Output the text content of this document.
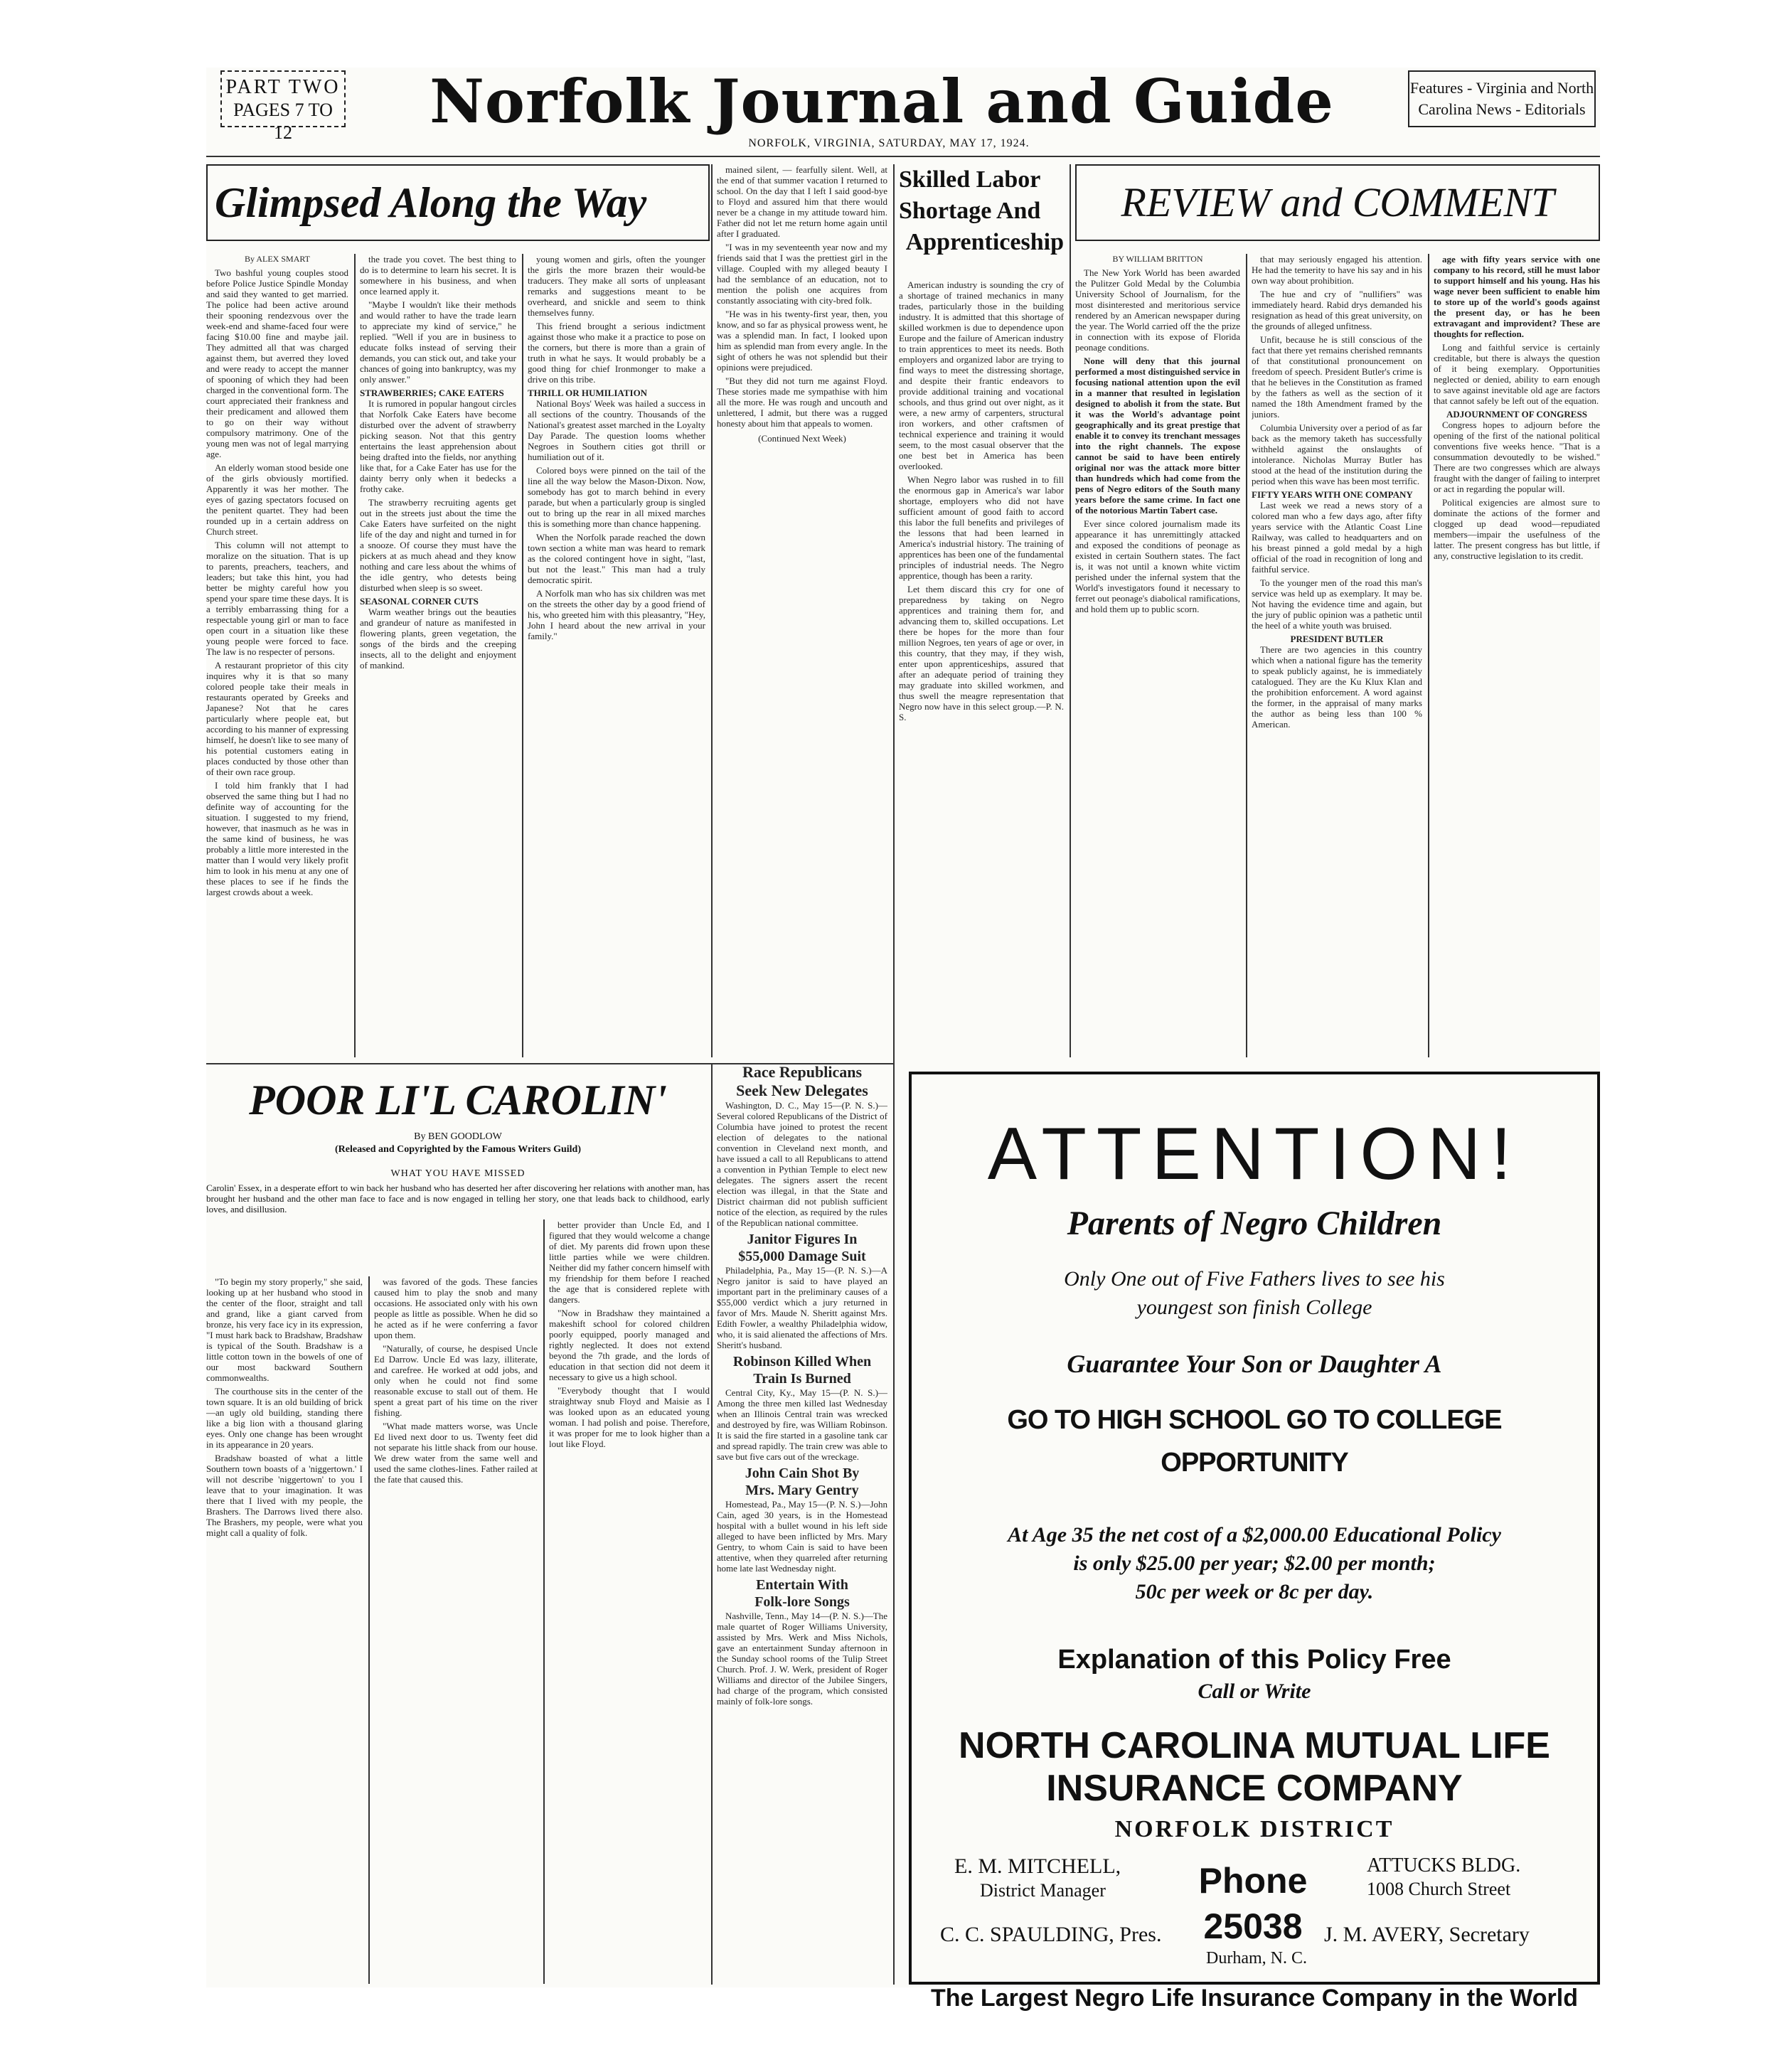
PART TWO
PAGES 7 TO 12	Norfolk Journal and Guide
NORFOLK, VIRGINIA, SATURDAY, MAY 17, 1924.
Features - Virginia and North
Carolina News - Editorials
Glimpsed Along the Way
By ALEX SMART

Two bashful young couples stood before Police Justice Spindle Monday and said they wanted to get married. The police had been active around their spooning rendezvous over the week-end and shame-faced four were facing $10.00 fine and maybe jail. They admitted all that was charged against them, but averred they loved and were ready to accept the manner of spooning of which they had been charged in the conventional form. The court appreciated their frankness and their predicament and allowed them to go on their way without compulsory matrimony. One of the young men was not of legal marrying age.

An elderly woman stood beside one of the girls obviously mortified. Apparently it was her mother. The eyes of gazing spectators focused on the penitent quartet. They had been rounded up in a certain address on Church street.

This column will not attempt to moralize on the situation. That is up to parents, preachers, teachers, and leaders; but take this hint, you had better be mighty careful how you spend your spare time these days. It is a terribly embarrassing thing for a respectable young girl or man to face open court in a situation like these young people were forced to face. The law is no respecter of persons.

A restaurant proprietor of this city inquires why it is that so many colored people take their meals in restaurants operated by Greeks and Japanese? Not that he cares particularly where people eat, but according to his manner of expressing himself, he doesn't like to see many of his potential customers eating in places conducted by those other than of their own race group.

I told him frankly that I had observed the same thing but I had no definite way of accounting for the situation. I suggested to my friend, however, that inasmuch as he was in the same kind of business, he was probably a little more interested in the matter than I would very likely profit him to look in his menu at any one of these places to see if he finds the largest crowds about a week.

the trade you covet. The best thing to do is to determine to learn his secret. It is somewhere in his business, and when once learned apply it.

"Maybe I wouldn't like their methods and would rather to have the trade learn to appreciate my kind of service," he replied. "Well if you are in business to educate folks instead of serving their demands, you can stick out, and take your chances of going into bankruptcy, was my only answer."

STRAWBERRIES; CAKE EATERS

It is rumored in popular hangout circles that Norfolk Cake Eaters have become disturbed over the advent of strawberry picking season. Not that this gentry entertains the least apprehension about being drafted into the fields, nor anything like that, for a Cake Eater has use for the dainty berry only when it bedecks a frothy cake.

The strawberry recruiting agents get out in the streets just about the time the Cake Eaters have surfeited on the night life of the day and night and turned in for a snooze. Of course they must have the pickers at as much ahead and they know nothing and care less about the whims of the idle gentry, who detests being disturbed when sleep is so sweet.

SEASONAL CORNER CUTS

Warm weather brings out the beauties and grandeur of nature as manifested in flowering plants, green vegetation, the songs of the birds and the creeping insects, all to the delight and enjoyment of mankind.

young women and girls, often the younger the girls the more brazen their would-be traducers. They make all sorts of unpleasant remarks and suggestions meant to be overheard, and snickle and seem to think themselves funny.

This friend brought a serious indictment against those who make it a practice to pose on the corners, but there is more than a grain of truth in what he says. It would probably be a good thing for chief Ironmonger to make a drive on this tribe.

THRILL OR HUMILIATION

National Boys' Week was hailed a success in all sections of the country. Thousands of the National's greatest asset marched in the Loyalty Day Parade. The question looms whether Negroes in Southern cities got thrill or humiliation out of it.

Colored boys were pinned on the tail of the line all the way below the Mason-Dixon. Now, somebody has got to march behind in every parade, but when a particularly group is singled out to bring up the rear in all mixed marches this is something more than chance happening.

When the Norfolk parade reached the down town section a white man was heard to remark as the colored contingent hove in sight, "last, but not the least." This man had a truly democratic spirit.

A Norfolk man who has six children was met on the streets the other day by a good friend of his, who greeted him with this pleasantry, "Hey, John I heard about the new arrival in your family."

mained silent, — fearfully silent. Well, at the end of that summer vacation I returned to school. On the day that I left I said good-bye to Floyd and assured him that there would never be a change in my attitude toward him. Father did not let me return home again until after I graduated.

"I was in my seventeenth year now and my friends said that I was the prettiest girl in the village. Coupled with my alleged beauty I had the semblance of an education, not to mention the polish one acquires from constantly associating with city-bred folk.

"He was in his twenty-first year, then, you know, and so far as physical prowess went, he was a splendid man. In fact, I looked upon him as splendid man from every angle. In the sight of others he was not splendid but their opinions were prejudiced.

"But they did not turn me against Floyd. These stories made me sympathise with him all the more. He was rough and uncouth and unlettered, I admit, but there was a rugged honesty about him that appeals to women.

(Continued Next Week)
Skilled Labor
Shortage And
Apprenticeship

American industry is sounding the cry of a shortage of trained mechanics in many trades, particularly those in the building industry. It is admitted that this shortage of skilled workmen is due to dependence upon Europe and the failure of American industry to train apprentices to meet its needs. Both employers and organized labor are trying to find ways to meet the distressing shortage, and despite their frantic endeavors to provide additional training and vocational schools, and thus grind out over night, as it were, a new army of carpenters, structural iron workers, and other craftsmen of technical experience and training it would seem, to the most casual observer that the one best bet in America has been overlooked.

When Negro labor was rushed in to fill the enormous gap in America's war labor shortage, employers who did not have sufficient amount of good faith to accord this labor the full benefits and privileges of the lessons that had been learned in America's industrial history. The training of apprentices has been one of the fundamental principles of industrial needs. The Negro apprentice, though has been a rarity.

Let them discard this cry for one of preparedness by taking on Negro apprentices and training them for, and advancing them to, skilled occupations. Let there be hopes for the more than four million Negroes, ten years of age or over, in this country, that they may, if they wish, enter upon apprenticeships, assured that after an adequate period of training they may graduate into skilled workmen, and thus swell the meagre representation that Negro now have in this select group.—P. N. S.

REVIEW and COMMENT
BY WILLIAM BRITTON

The New York World has been awarded the Pulitzer Gold Medal by the Columbia University School of Journalism, for the most disinterested and meritorious service rendered by an American newspaper during the year. The World carried off the the prize in connection with its expose of Florida peonage conditions.

None will deny that this journal performed a most distinguished service in focusing national attention upon the evil in a manner that resulted in legislation designed to abolish it from the state. But it was the World's advantage point geographically and its great prestige that enable it to convey its trenchant messages into the right channels. The expose cannot be said to have been entirely original nor was the attack more bitter than hundreds which had come from the pens of Negro editors of the South many years before the same crime. In fact one of the notorious Martin Tabert case.

Ever since colored journalism made its appearance it has unremittingly attacked and exposed the conditions of peonage as existed in certain Southern states. The fact is, it was not until a known white victim perished under the infernal system that the World's investigators found it necessary to ferret out peonage's diabolical ramifications, and hold them up to public scorn.

that may seriously engaged his attention. He had the temerity to have his say and in his own way about prohibition.

The hue and cry of "nullifiers" was immediately heard. Rabid drys demanded his resignation as head of this great university, on the grounds of alleged unfitness.

Unfit, because he is still conscious of the fact that there yet remains cherished remnants of that constitutional pronouncement on freedom of speech. President Butler's crime is that he believes in the Constitution as framed by the fathers as well as the section of it named the 18th Amendment framed by the juniors.

Columbia University over a period of as far back as the memory taketh has successfully withheld against the onslaughts of intolerance. Nicholas Murray Butler has stood at the head of the institution during the period when this wave has been most terrific.

FIFTY YEARS WITH ONE COMPANY

Last week we read a news story of a colored man who a few days ago, after fifty years service with the Atlantic Coast Line Railway, was called to headquarters and on his breast pinned a gold medal by a high official of the road in recognition of long and faithful service.

To the younger men of the road this man's service was held up as exemplary. It may be. Not having the evidence time and again, but the jury of public opinion was a pathetic until the heel of a white youth was bruised.

PRESIDENT BUTLER

There are two agencies in this country which when a national figure has the temerity to speak publicly against, he is immediately catalogued. They are the Ku Klux Klan and the prohibition enforcement. A word against the former, in the appraisal of many marks the author as being less than 100 % American.

age with fifty years service with one company to his record, still he must labor to support himself and his young. Has his wage never been sufficient to enable him to store up of the world's goods against the present day, or has he been extravagant and improvident? These are thoughts for reflection.

Long and faithful service is certainly creditable, but there is always the question of it being exemplary. Opportunities neglected or denied, ability to earn enough to save against inevitable old age are factors that cannot safely be left out of the equation.

ADJOURNMENT OF CONGRESS

Congress hopes to adjourn before the opening of the first of the national political conventions five weeks hence. "That is a consummation devoutedly to be wished." There are two congresses which are always fraught with the danger of failing to interpret or act in regarding the popular will.

Political exigencies are almost sure to dominate the actions of the former and clogged up dead wood—repudiated members—impair the usefulness of the latter. The present congress has but little, if any, constructive legislation to its credit.

POOR LI'L CAROLIN'
By BEN GOODLOW
(Released and Copyrighted by the Famous Writers Guild)
WHAT YOU HAVE MISSED
Carolin' Essex, in a desperate effort to win back her husband who has deserted her after discovering her relations with another man, has brought her husband and the other man face to face and is now engaged in telling her story, one that leads back to childhood, early loves, and disillusion.

"To begin my story properly," she said, looking up at her husband who stood in the center of the floor, straight and tall and grand, like a giant carved from bronze, his very face icy in its expression, "I must hark back to Bradshaw, Bradshaw is typical of the South. Bradshaw is a little cotton town in the bowels of one of our most backward Southern commonwealths.

The courthouse sits in the center of the town square. It is an old building of brick—an ugly old building, standing there like a big lion with a thousand glaring eyes. Only one change has been wrought in its appearance in 20 years.

Bradshaw boasted of what a little Southern town boasts of a 'niggertown.' I will not describe 'niggertown' to you I leave that to your imagination. It was there that I lived with my people, the Brashers. The Darrows lived there also. The Brashers, my people, were what you might call a quality of folk.

was favored of the gods. These fancies caused him to play the snob and many occasions. He associated only with his own people as little as possible. When he did so he acted as if he were conferring a favor upon them.

"Naturally, of course, he despised Uncle Ed Darrow. Uncle Ed was lazy, illiterate, and carefree. He worked at odd jobs, and only when he could not find some reasonable excuse to stall out of them. He spent a great part of his time on the river fishing.

"What made matters worse, was Uncle Ed lived next door to us. Twenty feet did not separate his little shack from our house. We drew water from the same well and used the same clothes-lines. Father railed at the fate that caused this.

better provider than Uncle Ed, and I figured that they would welcome a change of diet. My parents did frown upon these little parties while we were children. Neither did my father concern himself with my friendship for them before I reached the age that is considered replete with dangers.

"Now in Bradshaw they maintained a makeshift school for colored children poorly equipped, poorly managed and rightly neglected. It does not extend beyond the 7th grade, and the lords of education in that section did not deem it necessary to give us a high school.

"Everybody thought that I would straightway snub Floyd and Maisie as I was looked upon as an educated young woman. I had polish and poise. Therefore, it was proper for me to look higher than a lout like Floyd.

Race Republicans
Seek New Delegates

Washington, D. C., May 15—(P. N. S.)—Several colored Republicans of the District of Columbia have joined to protest the recent election of delegates to the national convention in Cleveland next month, and have issued a call to all Republicans to attend a convention in Pythian Temple to elect new delegates. The signers assert the recent election was illegal, in that the State and District chairman did not publish sufficient notice of the election, as required by the rules of the Republican national committee.

Janitor Figures In
$55,000 Damage Suit

Philadelphia, Pa., May 15—(P. N. S.)—A Negro janitor is said to have played an important part in the preliminary causes of a $55,000 verdict which a jury returned in favor of Mrs. Maude N. Sheritt against Mrs. Edith Fowler, a wealthy Philadelphia widow, who, it is said alienated the affections of Mrs. Sheritt's husband.

Robinson Killed When
Train Is Burned

Central City, Ky., May 15—(P. N. S.)—Among the three men killed last Wednesday when an Illinois Central train was wrecked and destroyed by fire, was William Robinson. It is said the fire started in a gasoline tank car and spread rapidly. The train crew was able to save but five cars out of the wreckage.

John Cain Shot By
Mrs. Mary Gentry

Homestead, Pa., May 15—(P. N. S.)—John Cain, aged 30 years, is in the Homestead hospital with a bullet wound in his left side alleged to have been inflicted by Mrs. Mary Gentry, to whom Cain is said to have been attentive, when they quarreled after returning home late last Wednesday night.

Entertain With
Folk-lore Songs

Nashville, Tenn., May 14—(P. N. S.)—The male quartet of Roger Williams University, assisted by Mrs. Werk and Miss Nichols, gave an entertainment Sunday afternoon in the Sunday school rooms of the Tulip Street Church. Prof. J. W. Werk, president of Roger Williams and director of the Jubilee Singers, had charge of the program, which consisted mainly of folk-lore songs.

ATTENTION!
Parents of Negro Children
Only One out of Five Fathers lives to see his
youngest son finish College
Guarantee Your Son or Daughter A
GO TO HIGH SCHOOL GO TO COLLEGE OPPORTUNITY
At Age 35 the net cost of a $2,000.00 Educational Policy
is only $25.00 per year; $2.00 per month;
50c per week or 8c per day.
Explanation of this Policy Free
Call or Write
NORTH CAROLINA MUTUAL LIFE
INSURANCE COMPANY
NORFOLK DISTRICT
E. M. MITCHELL,
District Manager	Phone 25038
ATTUCKS BLDG.
1008 Church Street
C. C. SPAULDING, Pres.	J. M. AVERY, Secretary
Durham, N. C.
The Largest Negro Life Insurance Company in the World
